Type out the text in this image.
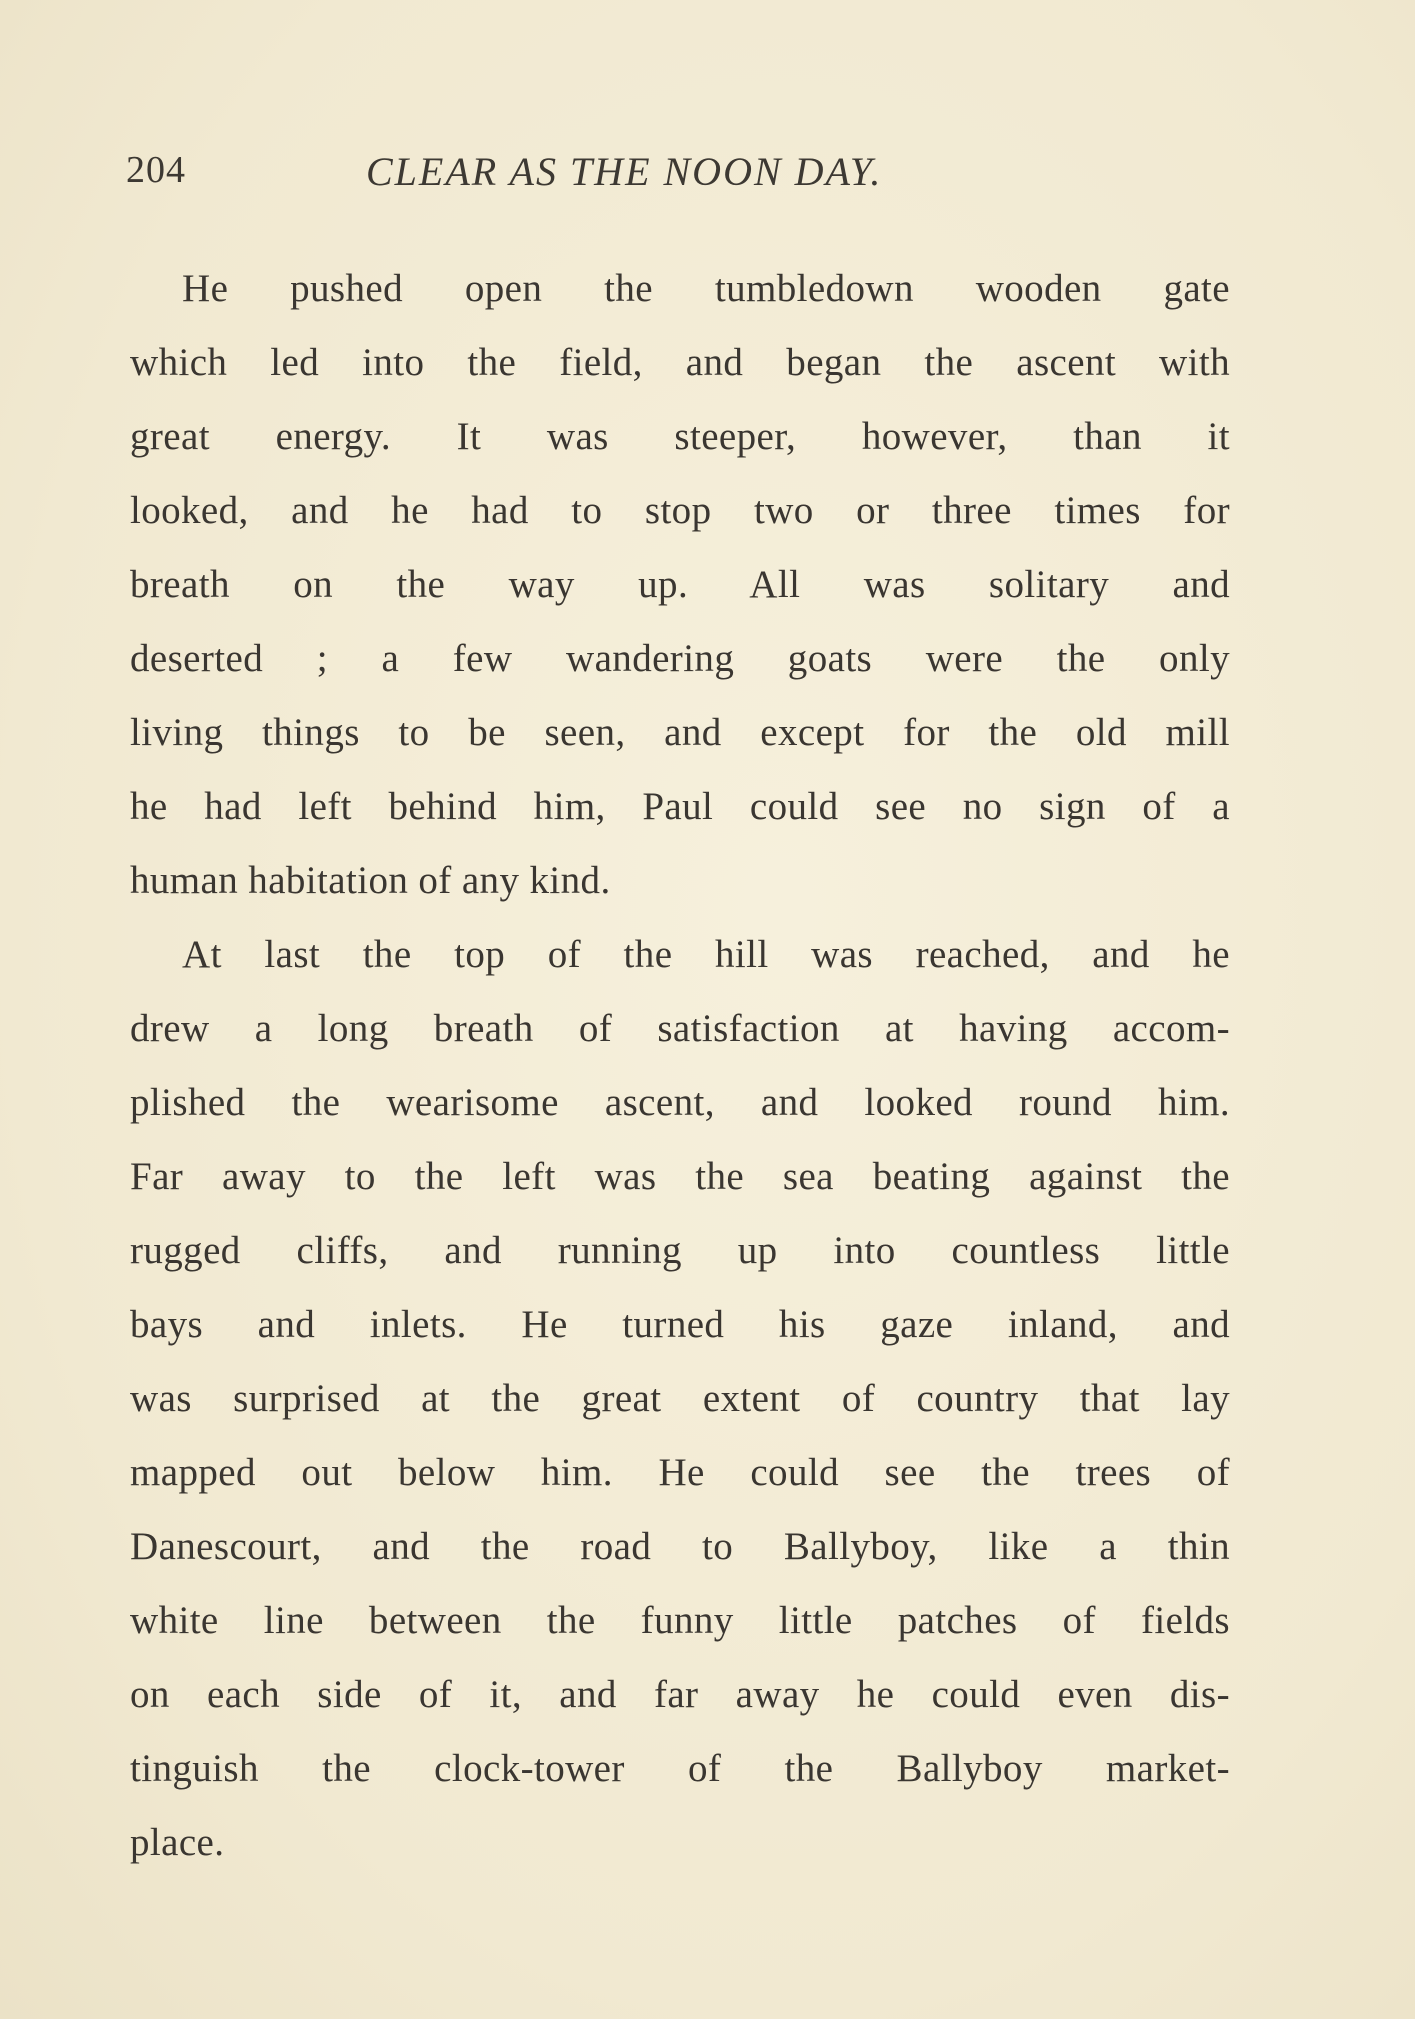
204	CLEAR AS THE NOON DAY.

He pushed open the tumbledown wooden gate
which led into the field, and began the ascent with
great energy. It was steeper, however, than it
looked, and he had to stop two or three times for
breath on the way up. All was solitary and
deserted ; a few wandering goats were the only
living things to be seen, and except for the old mill
he had left behind him, Paul could see no sign of a
human habitation of any kind.

At last the top of the hill was reached, and he
drew a long breath of satisfaction at having accom-
plished the wearisome ascent, and looked round him.
Far away to the left was the sea beating against the
rugged cliffs, and running up into countless little
bays and inlets. He turned his gaze inland, and
was surprised at the great extent of country that lay
mapped out below him. He could see the trees of
Danescourt, and the road to Ballyboy, like a thin
white line between the funny little patches of fields
on each side of it, and far away he could even dis-
tinguish the clock-tower of the Ballyboy market-
place.
